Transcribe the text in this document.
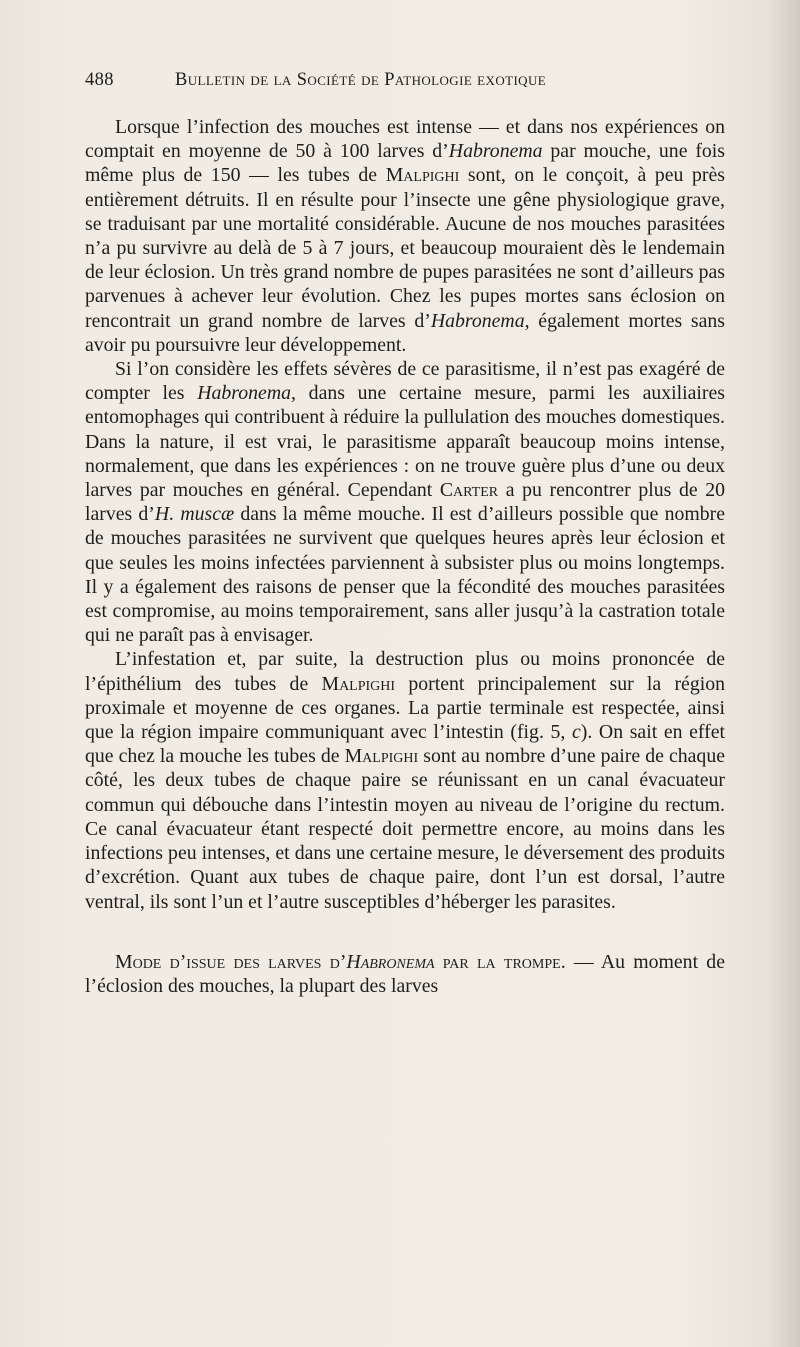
488	Bulletin de la Société de Pathologie exotique

Lorsque l’infection des mouches est intense — et dans nos expériences on comptait en moyenne de 50 à 100 larves d’Habronema par mouche, une fois même plus de 150 — les tubes de Malpighi sont, on le conçoit, à peu près entièrement détruits. Il en résulte pour l’insecte une gêne physiologique grave, se traduisant par une mortalité considérable. Aucune de nos mouches parasitées n’a pu survivre au delà de 5 à 7 jours, et beaucoup mouraient dès le lendemain de leur éclosion. Un très grand nombre de pupes parasitées ne sont d’ailleurs pas parvenues à achever leur évolution. Chez les pupes mortes sans éclosion on rencontrait un grand nombre de larves d’Habronema, également mortes sans avoir pu poursuivre leur développement.

Si l’on considère les effets sévères de ce parasitisme, il n’est pas exagéré de compter les Habronema, dans une certaine mesure, parmi les auxiliaires entomophages qui contribuent à réduire la pullulation des mouches domestiques. Dans la nature, il est vrai, le parasitisme apparaît beaucoup moins intense, normalement, que dans les expériences : on ne trouve guère plus d’une ou deux larves par mouches en général. Cependant Carter a pu rencontrer plus de 20 larves d’H. muscæ dans la même mouche. Il est d’ailleurs possible que nombre de mouches parasitées ne survivent que quelques heures après leur éclosion et que seules les moins infectées parviennent à subsister plus ou moins longtemps. Il y a également des raisons de penser que la fécondité des mouches parasitées est compromise, au moins temporairement, sans aller jusqu’à la castration totale qui ne paraît pas à envisager.

L’infestation et, par suite, la destruction plus ou moins prononcée de l’épithélium des tubes de Malpighi portent principalement sur la région proximale et moyenne de ces organes. La partie terminale est respectée, ainsi que la région impaire communiquant avec l’intestin (fig. 5, c). On sait en effet que chez la mouche les tubes de Malpighi sont au nombre d’une paire de chaque côté, les deux tubes de chaque paire se réunissant en un canal évacuateur commun qui débouche dans l’intestin moyen au niveau de l’origine du rectum. Ce canal évacuateur étant respecté doit permettre encore, au moins dans les infections peu intenses, et dans une certaine mesure, le déversement des produits d’excrétion. Quant aux tubes de chaque paire, dont l’un est dorsal, l’autre ventral, ils sont l’un et l’autre susceptibles d’héberger les parasites.

Mode d’issue des larves d’Habronema par la trompe. — Au moment de l’éclosion des mouches, la plupart des larves
